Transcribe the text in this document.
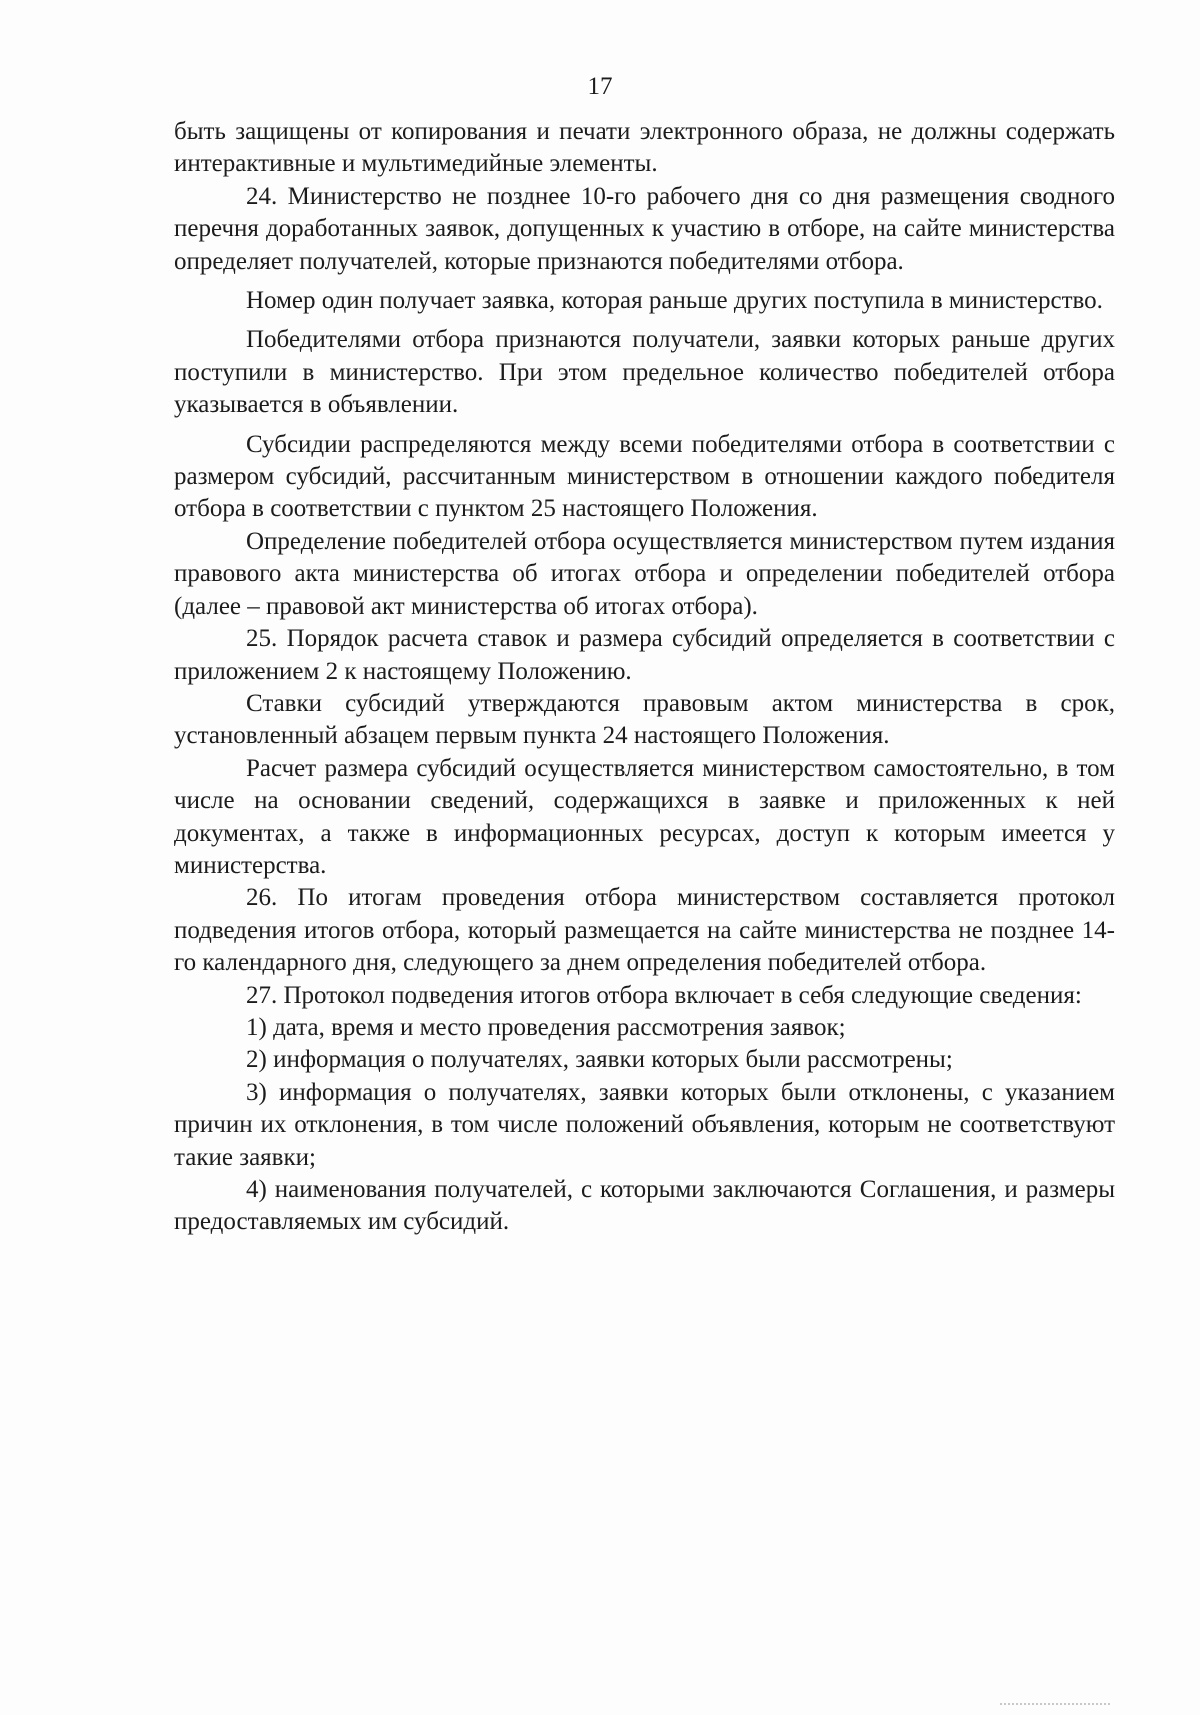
17

быть защищены от копирования и печати электронного образа, не должны содержать интерактивные и мультимедийные элементы.

24. Министерство не позднее 10-го рабочего дня со дня размещения сводного перечня доработанных заявок, допущенных к участию в отборе, на сайте министерства определяет получателей, которые признаются победителями отбора.

Номер один получает заявка, которая раньше других поступила в министерство.

Победителями отбора признаются получатели, заявки которых раньше других поступили в министерство. При этом предельное количество победителей отбора указывается в объявлении.

Субсидии распределяются между всеми победителями отбора в соответствии с размером субсидий, рассчитанным министерством в отношении каждого победителя отбора в соответствии с пунктом 25 настоящего Положения.

Определение победителей отбора осуществляется министерством путем издания правового акта министерства об итогах отбора и определении победителей отбора (далее – правовой акт министерства об итогах отбора).

25. Порядок расчета ставок и размера субсидий определяется в соответствии с приложением 2 к настоящему Положению.

Ставки субсидий утверждаются правовым актом министерства в срок, установленный абзацем первым пункта 24 настоящего Положения.

Расчет размера субсидий осуществляется министерством самостоятельно, в том числе на основании сведений, содержащихся в заявке и приложенных к ней документах, а также в информационных ресурсах, доступ к которым имеется у министерства.

26. По итогам проведения отбора министерством составляется протокол подведения итогов отбора, который размещается на сайте министерства не позднее 14-го календарного дня, следующего за днем определения победителей отбора.

27. Протокол подведения итогов отбора включает в себя следующие сведения:

1) дата, время и место проведения рассмотрения заявок;

2) информация о получателях, заявки которых были рассмотрены;

3) информация о получателях, заявки которых были отклонены, с указанием причин их отклонения, в том числе положений объявления, которым не соответствуют такие заявки;

4) наименования получателей, с которыми заключаются Соглашения, и размеры предоставляемых им субсидий.
